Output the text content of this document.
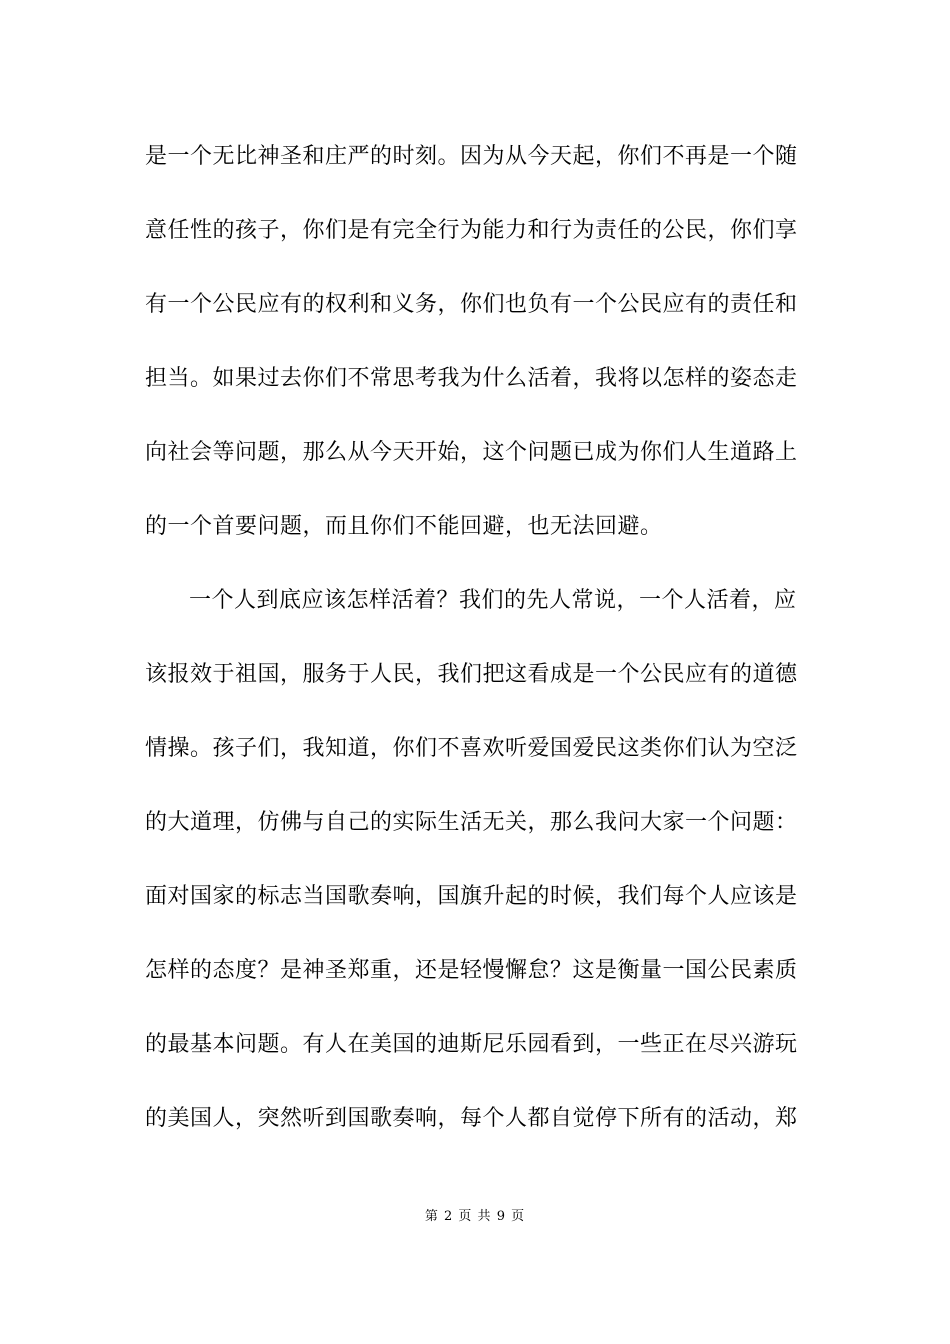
是一个无比神圣和庄严的时刻。因为从今天起，你们不再是一个随
意任性的孩子，你们是有完全行为能力和行为责任的公民，你们享
有一个公民应有的权利和义务，你们也负有一个公民应有的责任和
担当。如果过去你们不常思考我为什么活着，我将以怎样的姿态走
向社会等问题，那么从今天开始，这个问题已成为你们人生道路上
的一个首要问题，而且你们不能回避，也无法回避。
一个人到底应该怎样活着？我们的先人常说，一个人活着，应
该报效于祖国，服务于人民，我们把这看成是一个公民应有的道德
情操。孩子们，我知道，你们不喜欢听爱国爱民这类你们认为空泛
的大道理，仿佛与自己的实际生活无关，那么我问大家一个问题：
面对国家的标志当国歌奏响，国旗升起的时候，我们每个人应该是
怎样的态度？是神圣郑重，还是轻慢懈怠？这是衡量一国公民素质
的最基本问题。有人在美国的迪斯尼乐园看到，一些正在尽兴游玩
的美国人，突然听到国歌奏响，每个人都自觉停下所有的活动，郑
第 2 页 共 9 页
